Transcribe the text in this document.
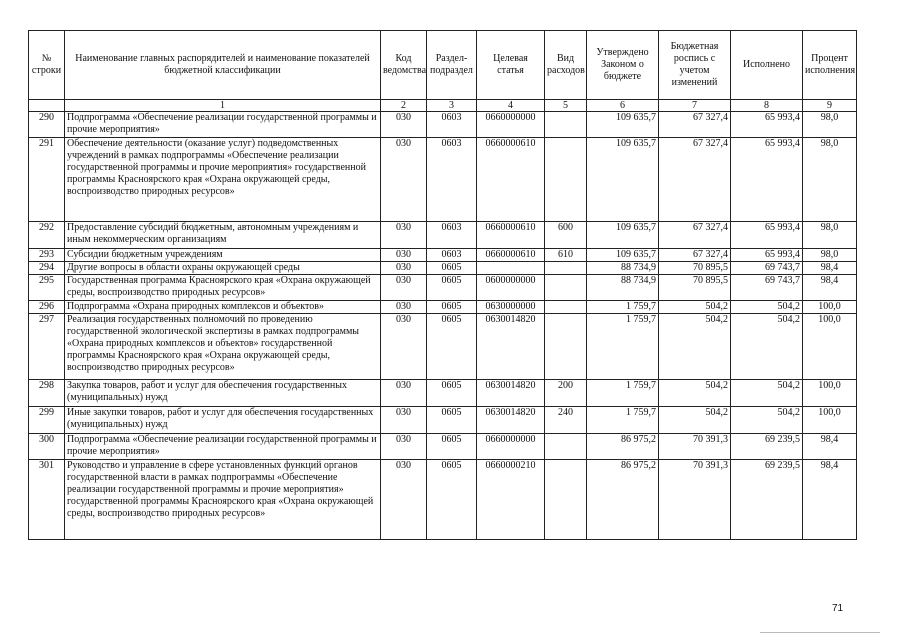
№ строки	Наименование главных распорядителей и наименование показателей бюджетной классификации	Код ведомства	Раздел-подраздел	Целевая статья	Вид расходов	Утверждено Законом о бюджете	Бюджетная роспись с учетом изменений	Исполнено	Процент исполнения
	1	2	3	4	5	6	7	8	9
290	Подпрограмма «Обеспечение реализации государственной программы и прочие мероприятия»	030	0603	0660000000		109 635,7	67 327,4	65 993,4	98,0
291	Обеспечение деятельности (оказание услуг) подведомственных учреждений в рамках подпрограммы «Обеспечение реализации государственной программы и прочие мероприятия» государственной программы Красноярского края «Охрана окружающей среды, воспроизводство природных ресурсов»	030	0603	0660000610		109 635,7	67 327,4	65 993,4	98,0
292	Предоставление субсидий бюджетным, автономным учреждениям и иным некоммерческим организациям	030	0603	0660000610	600	109 635,7	67 327,4	65 993,4	98,0
293	Субсидии бюджетным учреждениям	030	0603	0660000610	610	109 635,7	67 327,4	65 993,4	98,0
294	Другие вопросы в области охраны окружающей среды	030	0605			88 734,9	70 895,5	69 743,7	98,4
295	Государственная программа Красноярского края «Охрана окружающей среды, воспроизводство природных ресурсов»	030	0605	0600000000		88 734,9	70 895,5	69 743,7	98,4
296	Подпрограмма «Охрана природных комплексов и объектов»	030	0605	0630000000		1 759,7	504,2	504,2	100,0
297	Реализация государственных полномочий по проведению государственной экологической экспертизы в рамках подпрограммы «Охрана природных комплексов и объектов» государственной программы Красноярского края «Охрана окружающей среды, воспроизводство природных ресурсов»	030	0605	0630014820		1 759,7	504,2	504,2	100,0
298	Закупка товаров, работ и услуг для обеспечения государственных (муниципальных) нужд	030	0605	0630014820	200	1 759,7	504,2	504,2	100,0
299	Иные закупки товаров, работ и услуг для обеспечения государственных (муниципальных) нужд	030	0605	0630014820	240	1 759,7	504,2	504,2	100,0
300	Подпрограмма «Обеспечение реализации государственной программы и прочие мероприятия»	030	0605	0660000000		86 975,2	70 391,3	69 239,5	98,4
301	Руководство и управление в сфере установленных функций органов государственной власти в рамках подпрограммы «Обеспечение реализации государственной программы и прочие мероприятия» государственной программы Красноярского края «Охрана окружающей среды, воспроизводство природных ресурсов»	030	0605	0660000210		86 975,2	70 391,3	69 239,5	98,4
71
